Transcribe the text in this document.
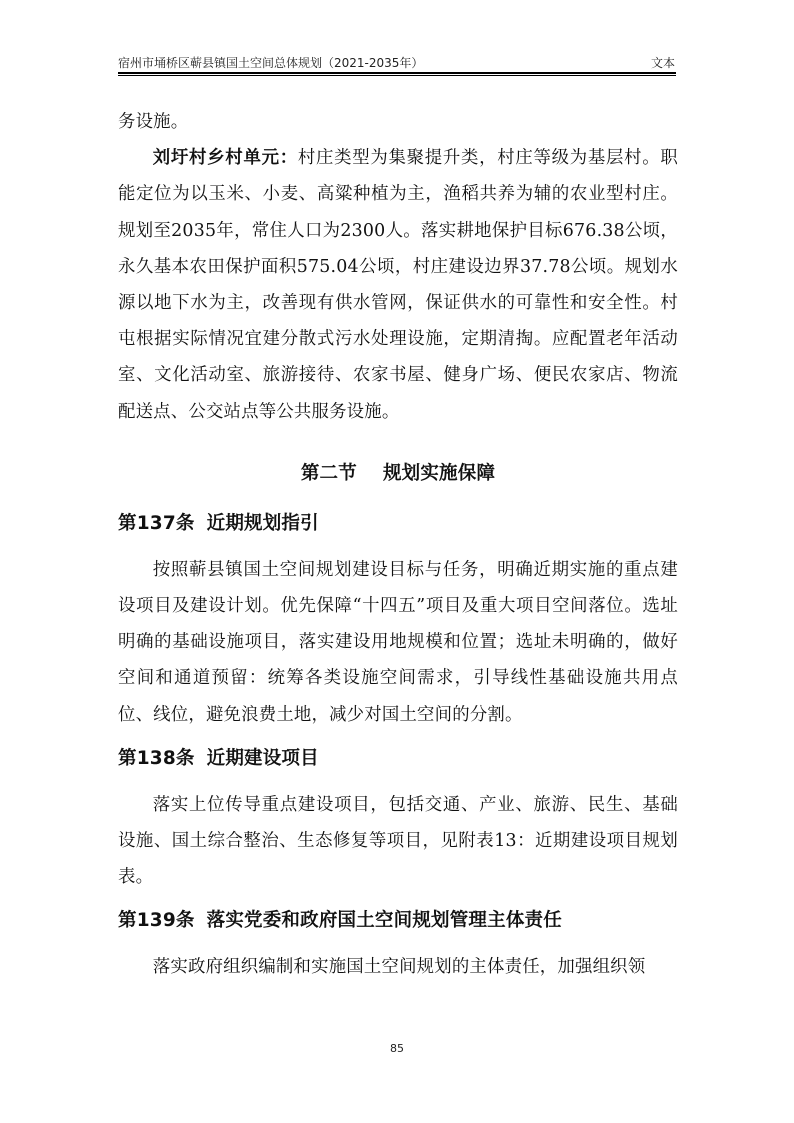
宿州市埇桥区蕲县镇国土空间总体规划（2021-2035年）	文本

务设施。

刘圩村乡村单元：村庄类型为集聚提升类，村庄等级为基层村。职能定位为以玉米、小麦、高粱种植为主，渔稻共养为辅的农业型村庄。规划至2035年，常住人口为2300人。落实耕地保护目标676.38公顷，永久基本农田保护面积575.04公顷，村庄建设边界37.78公顷。规划水源以地下水为主，改善现有供水管网，保证供水的可靠性和安全性。村屯根据实际情况宜建分散式污水处理设施，定期清掏。应配置老年活动室、文化活动室、旅游接待、农家书屋、健身广场、便民农家店、物流配送点、公交站点等公共服务设施。

第二节 规划实施保障
第137条 近期规划指引

按照蕲县镇国土空间规划建设目标与任务，明确近期实施的重点建设项目及建设计划。优先保障“十四五”项目及重大项目空间落位。选址明确的基础设施项目，落实建设用地规模和位置；选址未明确的，做好空间和通道预留：统筹各类设施空间需求，引导线性基础设施共用点位、线位，避免浪费土地，减少对国土空间的分割。

第138条 近期建设项目

落实上位传导重点建设项目，包括交通、产业、旅游、民生、基础设施、国土综合整治、生态修复等项目，见附表13：近期建设项目规划表。

第139条 落实党委和政府国土空间规划管理主体责任

落实政府组织编制和实施国土空间规划的主体责任，加强组织领

85
